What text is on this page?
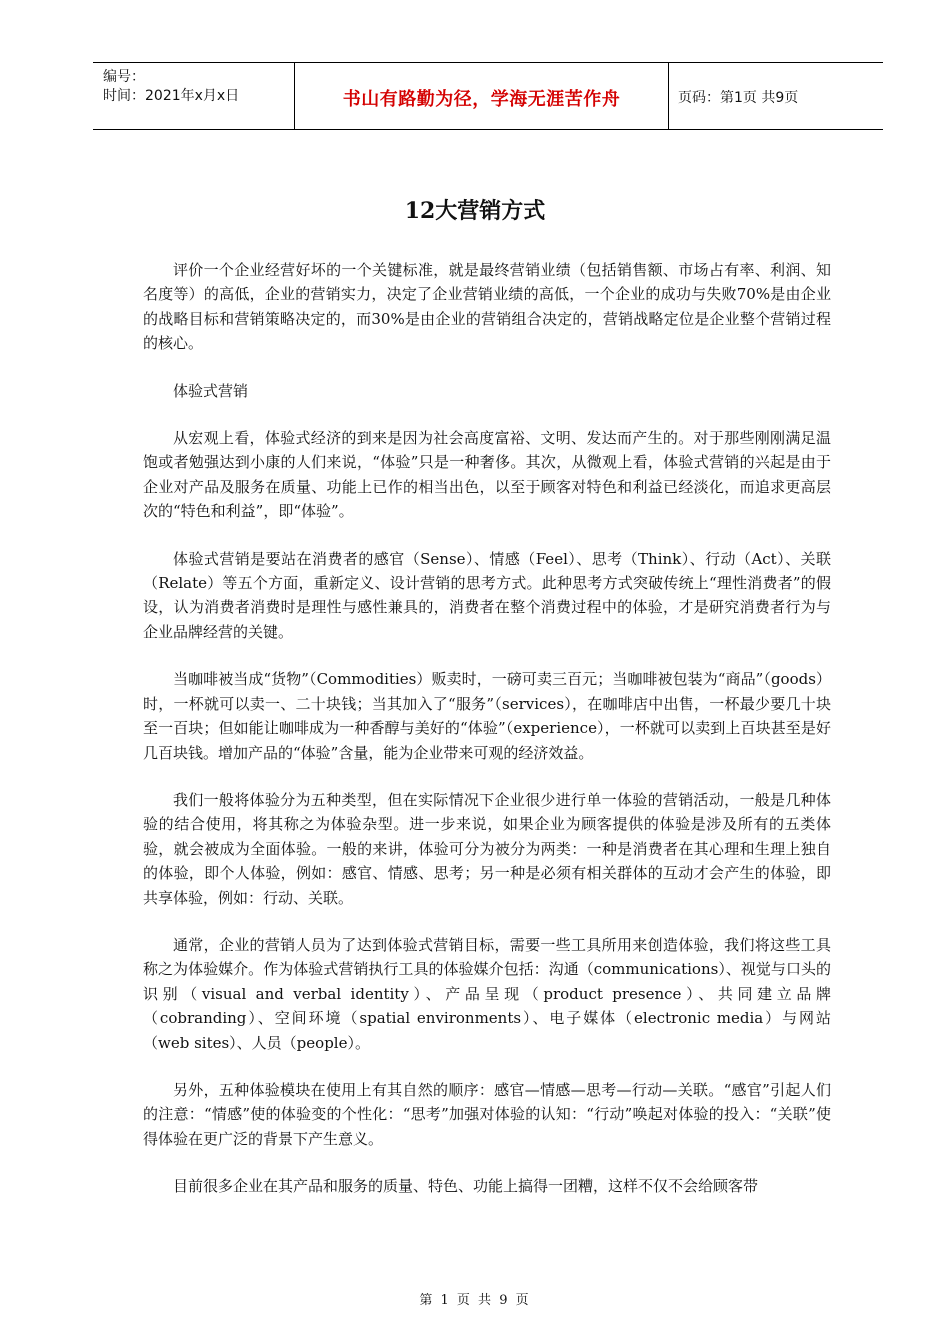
编号：
时间：2021年x月x日	书山有路勤为径，学海无涯苦作舟	页码：第1页 共9页
12大营销方式

评价一个企业经营好坏的一个关键标准，就是最终营销业绩（包括销售额、市场占有率、利润、知名度等）的高低，企业的营销实力，决定了企业营销业绩的高低，一个企业的成功与失败70%是由企业的战略目标和营销策略决定的，而30%是由企业的营销组合决定的，营销战略定位是企业整个营销过程的核心。

体验式营销

从宏观上看，体验式经济的到来是因为社会高度富裕、文明、发达而产生的。对于那些刚刚满足温饱或者勉强达到小康的人们来说，“体验”只是一种奢侈。其次，从微观上看，体验式营销的兴起是由于企业对产品及服务在质量、功能上已作的相当出色，以至于顾客对特色和利益已经淡化，而追求更高层次的“特色和利益”，即“体验”。

体验式营销是要站在消费者的感官（Sense）、情感（Feel）、思考（Think）、行动（Act）、关联（Relate）等五个方面，重新定义、设计营销的思考方式。此种思考方式突破传统上“理性消费者”的假设，认为消费者消费时是理性与感性兼具的，消费者在整个消费过程中的体验，才是研究消费者行为与企业品牌经营的关键。

当咖啡被当成“货物”（Commodities）贩卖时，一磅可卖三百元；当咖啡被包装为“商品”（goods）时，一杯就可以卖一、二十块钱；当其加入了“服务”（services），在咖啡店中出售，一杯最少要几十块至一百块；但如能让咖啡成为一种香醇与美好的“体验”（experience），一杯就可以卖到上百块甚至是好几百块钱。增加产品的“体验”含量，能为企业带来可观的经济效益。

我们一般将体验分为五种类型，但在实际情况下企业很少进行单一体验的营销活动，一般是几种体验的结合使用，将其称之为体验杂型。进一步来说，如果企业为顾客提供的体验是涉及所有的五类体验，就会被成为全面体验。一般的来讲，体验可分为被分为两类：一种是消费者在其心理和生理上独自的体验，即个人体验，例如：感官、情感、思考；另一种是必须有相关群体的互动才会产生的体验，即共享体验，例如：行动、关联。

通常，企业的营销人员为了达到体验式营销目标，需要一些工具所用来创造体验，我们将这些工具称之为体验媒介。作为体验式营销执行工具的体验媒介包括：沟通（communications）、视觉与口头的识别（visual and verbal identity）、产品呈现（product presence）、共同建立品牌（cobranding）、空间环境（spatial environments）、电子媒体（electronic media）与网站（web sites）、人员（people）。

另外，五种体验模块在使用上有其自然的顺序：感官—情感—思考—行动—关联。“感官”引起人们的注意：“情感”使的体验变的个性化：“思考”加强对体验的认知：“行动”唤起对体验的投入：“关联”使得体验在更广泛的背景下产生意义。

目前很多企业在其产品和服务的质量、特色、功能上搞得一团糟，这样不仅不会给顾客带

第 1 页 共 9 页
